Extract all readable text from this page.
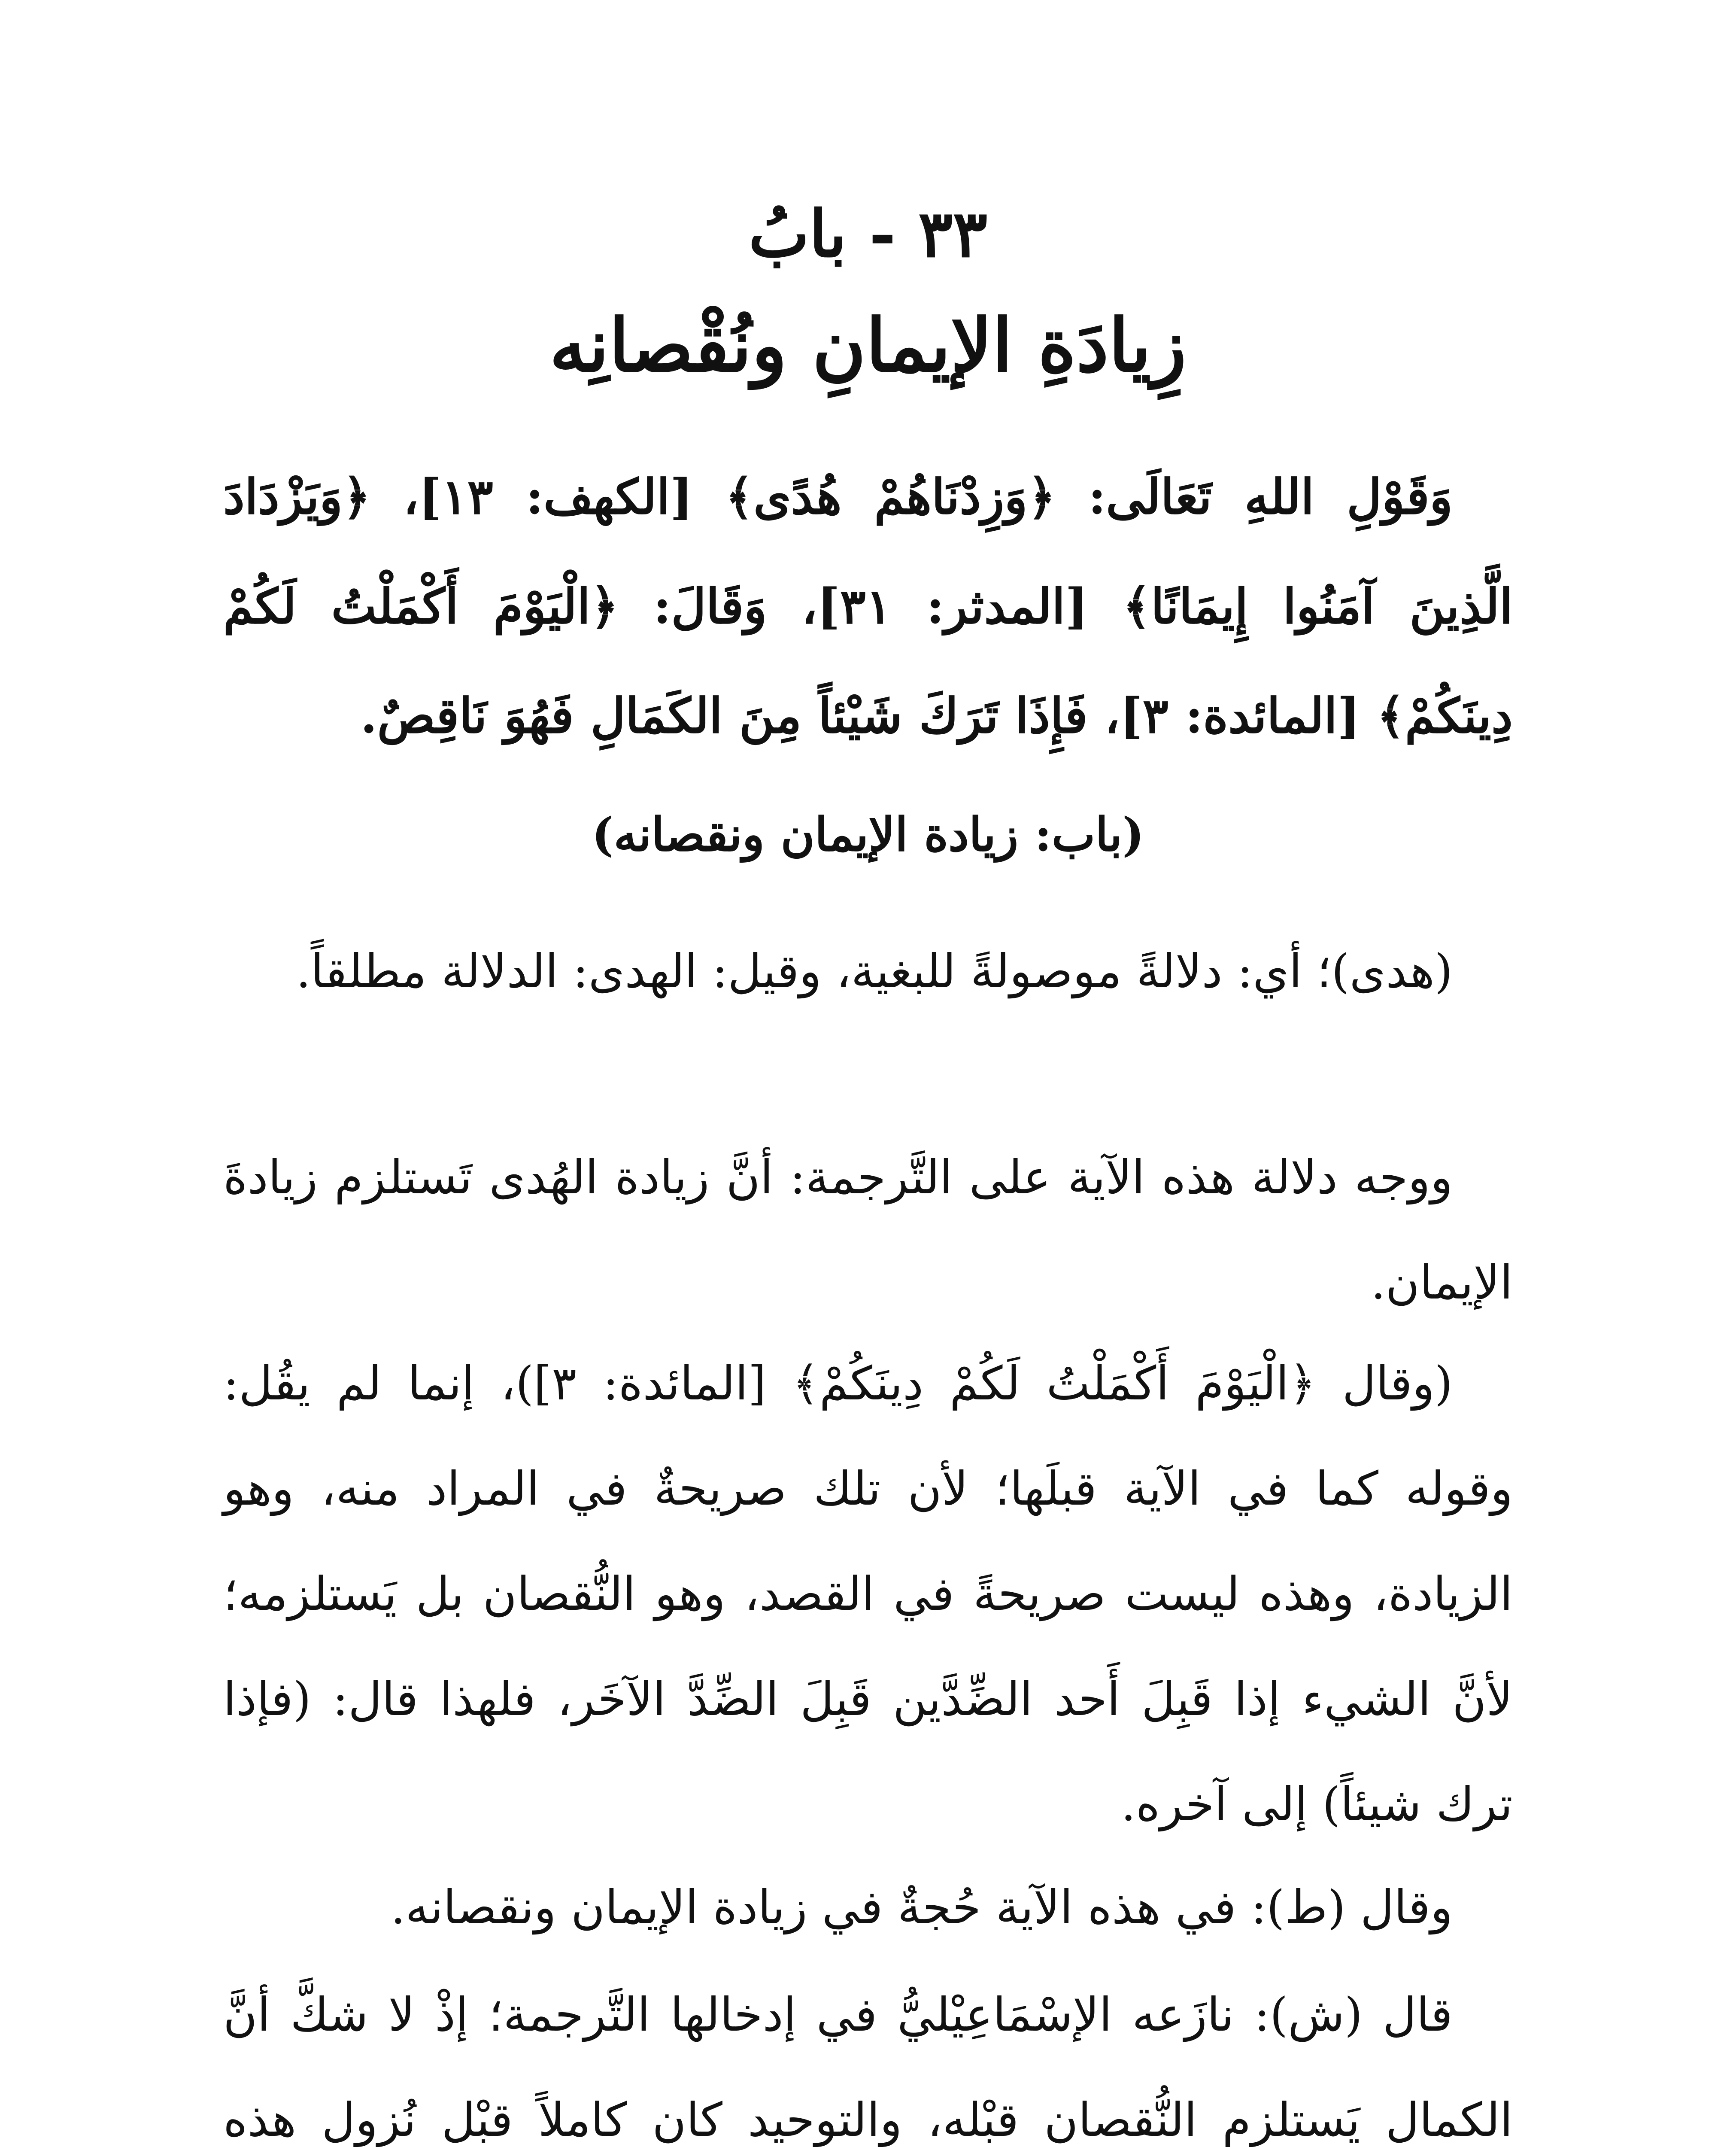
٣٣ - بابُ
زِيادَةِ الإيمانِ ونُقْصانِه

وَقَوْلِ اللهِ تَعَالَى: ﴿وَزِدْنَاهُمْ هُدًى﴾ [الكهف: ١٣]، ﴿وَيَزْدَادَ الَّذِينَ آمَنُوا إِيمَانًا﴾ [المدثر: ٣١]، وَقَالَ: ﴿الْيَوْمَ أَكْمَلْتُ لَكُمْ دِينَكُمْ﴾ [المائدة: ٣]، فَإِذَا تَرَكَ شَيْئاً مِنَ الكَمَالِ فَهُوَ نَاقِصٌ.

(باب: زيادة الإيمان ونقصانه)

(هدى)؛ أي: دلالةً موصولةً للبغية، وقيل: الهدى: الدلالة مطلقاً.

ووجه دلالة هذه الآية على التَّرجمة: أنَّ زيادة الهُدى تَستلزم زيادةَ الإيمان.

(وقال ﴿الْيَوْمَ أَكْمَلْتُ لَكُمْ دِينَكُمْ﴾ [المائدة: ٣])، إنما لم يقُل: وقوله كما في الآية قبلَها؛ لأن تلك صريحةٌ في المراد منه، وهو الزيادة، وهذه ليست صريحةً في القصد، وهو النُّقصان بل يَستلزمه؛ لأنَّ الشيء إذا قَبِلَ أَحد الضِّدَّين قَبِلَ الضِّدَّ الآخَر، فلهذا قال: (فإذا ترك شيئاً) إلى آخره.

وقال (ط): في هذه الآية حُجةٌ في زيادة الإيمان ونقصانه.

قال (ش): نازَعه الإسْمَاعِيْليُّ في إدخالها التَّرجمة؛ إذْ لا شكَّ أنَّ الكمال يَستلزم النُّقصان قبْله، والتوحيد كان كاملاً قبْل نُزول هذه
